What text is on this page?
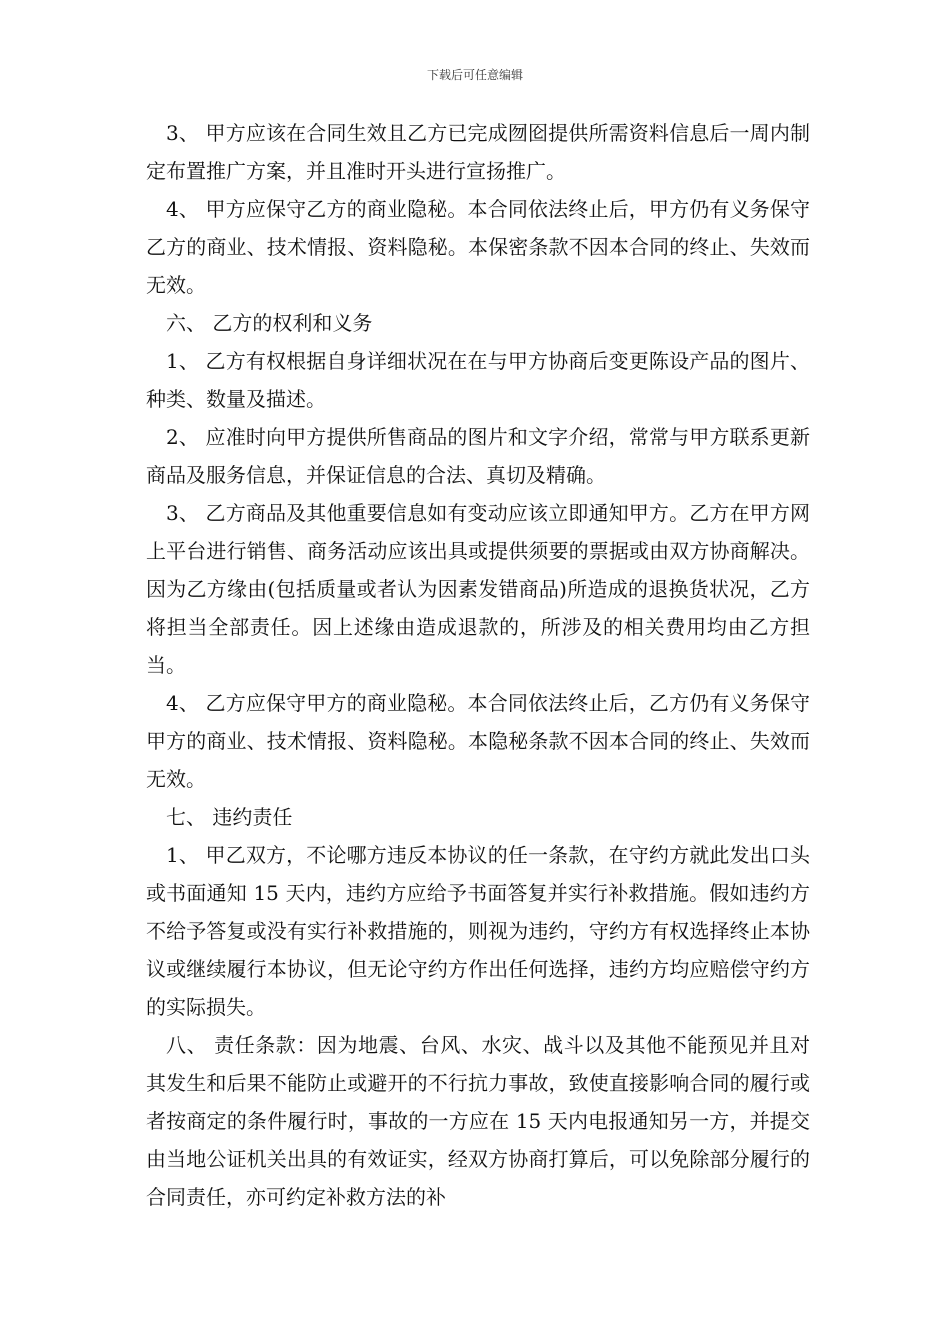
下载后可任意编辑

3、 甲方应该在合同生效且乙方已完成囫囵提供所需资料信息后一周内制定布置推广方案，并且准时开头进行宣扬推广。

4、 甲方应保守乙方的商业隐秘。本合同依法终止后，甲方仍有义务保守乙方的商业、技术情报、资料隐秘。本保密条款不因本合同的终止、失效而无效。

六、 乙方的权利和义务

1、 乙方有权根据自身详细状况在在与甲方协商后变更陈设产品的图片、种类、数量及描述。

2、 应准时向甲方提供所售商品的图片和文字介绍，常常与甲方联系更新商品及服务信息，并保证信息的合法、真切及精确。

3、 乙方商品及其他重要信息如有变动应该立即通知甲方。乙方在甲方网上平台进行销售、商务活动应该出具或提供须要的票据或由双方协商解决。因为乙方缘由(包括质量或者认为因素发错商品)所造成的退换货状况，乙方将担当全部责任。因上述缘由造成退款的，所涉及的相关费用均由乙方担当。

4、 乙方应保守甲方的商业隐秘。本合同依法终止后，乙方仍有义务保守甲方的商业、技术情报、资料隐秘。本隐秘条款不因本合同的终止、失效而无效。

七、 违约责任

1、 甲乙双方，不论哪方违反本协议的任一条款，在守约方就此发出口头或书面通知 15 天内，违约方应给予书面答复并实行补救措施。假如违约方不给予答复或没有实行补救措施的，则视为违约，守约方有权选择终止本协议或继续履行本协议，但无论守约方作出任何选择，违约方均应赔偿守约方的实际损失。

八、 责任条款：因为地震、台风、水灾、战斗以及其他不能预见并且对其发生和后果不能防止或避开的不行抗力事故，致使直接影响合同的履行或者按商定的条件履行时，事故的一方应在 15 天内电报通知另一方，并提交由当地公证机关出具的有效证实，经双方协商打算后，可以免除部分履行的合同责任，亦可约定补救方法的补
